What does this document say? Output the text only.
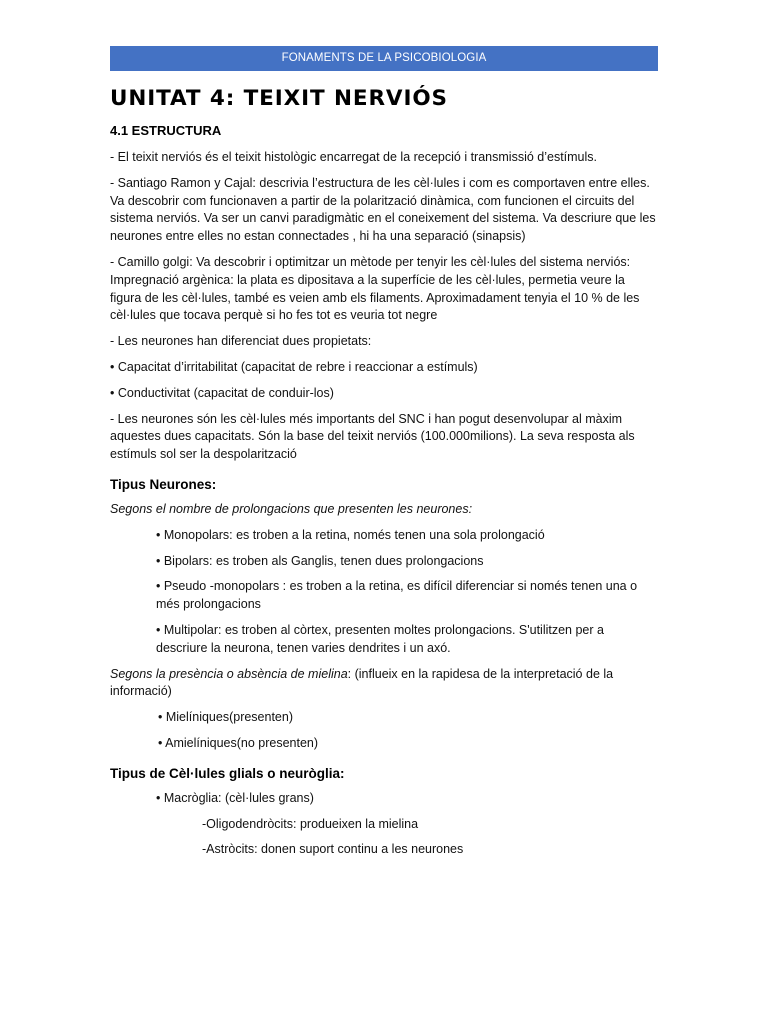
FONAMENTS DE LA PSICOBIOLOGIA
UNITAT 4: TEIXIT NERVIÓS
4.1 ESTRUCTURA

- El teixit nerviós és el teixit histològic encarregat de la recepció i transmissió d’estímuls.

- Santiago Ramon y Cajal: descrivia l’estructura de les cèl·lules i com es comportaven entre elles. Va descobrir com funcionaven a partir de la polarització dinàmica, com funcionen el circuits del sistema nerviós. Va ser un canvi paradigmàtic en el coneixement del sistema. Va descriure que les neurones entre elles no estan connectades , hi ha una separació (sinapsis)

- Camillo golgi: Va descobrir i optimitzar un mètode per tenyir les cèl·lules del sistema nerviós: Impregnació argènica: la plata es dipositava a la superfície de les cèl·lules, permetia veure la figura de les cèl·lules, també es veien amb els filaments. Aproximadament tenyia el 10 % de les cèl·lules que tocava perquè si ho fes tot es veuria tot negre

- Les neurones han diferenciat dues propietats:

• Capacitat d’irritabilitat (capacitat de rebre i reaccionar a estímuls)

• Conductivitat (capacitat de conduir-los)

- Les neurones són les cèl·lules més importants del SNC i han pogut desenvolupar al màxim aquestes dues capacitats. Són la base del teixit nerviós (100.000milions). La seva resposta als estímuls sol ser la despolarització

Tipus Neurones:

Segons el nombre de prolongacions que presenten les neurones:

• Monopolars: es troben a la retina, només tenen una sola prolongació

• Bipolars: es troben als Ganglis, tenen dues prolongacions

• Pseudo -monopolars : es troben a la retina, es difícil diferenciar si només tenen una o més prolongacions

• Multipolar: es troben al còrtex, presenten moltes prolongacions. S'utilitzen per a descriure la neurona, tenen varies dendrites i un axó.

Segons la presència o absència de mielina: (influeix en la rapidesa de la interpretació de la informació)

• Mielíniques(presenten)

• Amielíniques(no presenten)

Tipus de Cèl·lules glials o neuròglia:

• Macròglia: (cèl·lules grans)

-Oligodendròcits: produeixen la mielina

-Astròcits: donen suport continu a les neurones
